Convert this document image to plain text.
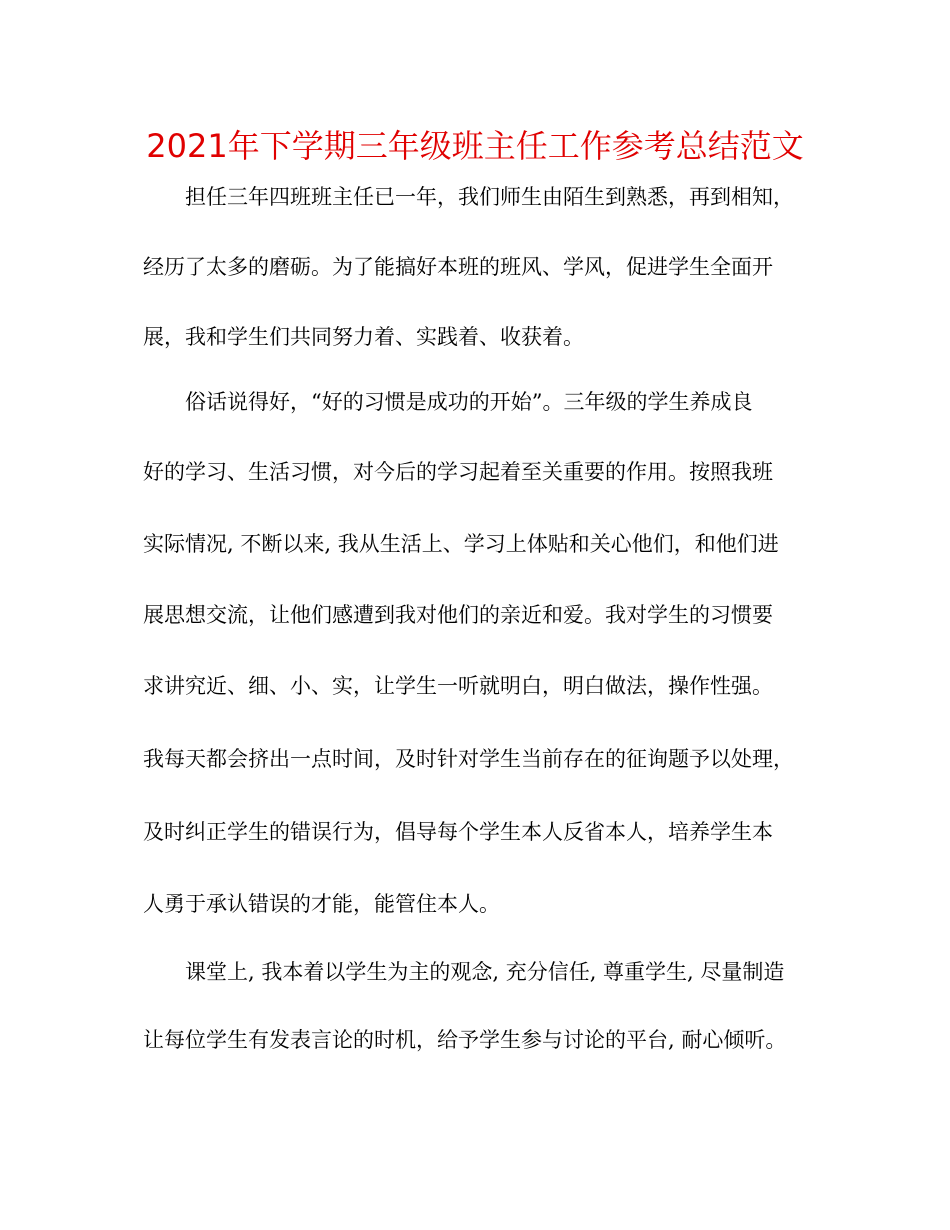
2021年下学期三年级班主任工作参考总结范文

担任三年四班班主任已一年，我们师生由陌生到熟悉，再到相知，

经历了太多的磨砺。为了能搞好本班的班风、学风，促进学生全面开

展，我和学生们共同努力着、实践着、收获着。

俗话说得好，“好的习惯是成功的开始”。三年级的学生养成良

好的学习、生活习惯，对今后的学习起着至关重要的作用。按照我班

实际情况, 不断以来, 我从生活上、学习上体贴和关心他们，和他们进

展思想交流，让他们感遭到我对他们的亲近和爱。我对学生的习惯要

求讲究近、细、小、实，让学生一听就明白，明白做法，操作性强。

我每天都会挤出一点时间，及时针对学生当前存在的征询题予以处理，

及时纠正学生的错误行为，倡导每个学生本人反省本人，培养学生本

人勇于承认错误的才能，能管住本人。

课堂上, 我本着以学生为主的观念, 充分信任, 尊重学生, 尽量制造

让每位学生有发表言论的时机，给予学生参与讨论的平台, 耐心倾听。
